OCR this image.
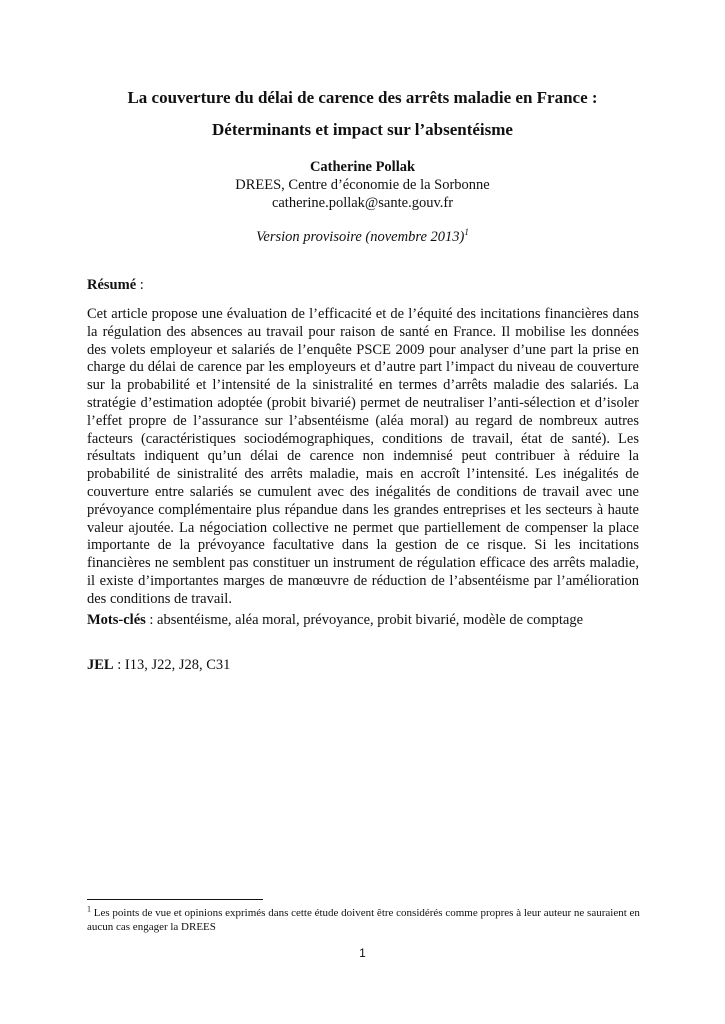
La couverture du délai de carence des arrêts maladie en France :
Déterminants et impact sur l’absentéisme
Catherine Pollak
DREES, Centre d’économie de la Sorbonne
catherine.pollak@sante.gouv.fr
Version provisoire (novembre 2013)$^1$
Résumé :
Cet article propose une évaluation de l’efficacité et de l’équité des incitations financières dans la régulation des absences au travail pour raison de santé en France. Il mobilise les données des volets employeur et salariés de l’enquête PSCE 2009 pour analyser d’une part la prise en charge du délai de carence par les employeurs et d’autre part l’impact du niveau de couverture sur la probabilité et l’intensité de la sinistralité en termes d’arrêts maladie des salariés. La stratégie d’estimation adoptée (probit bivarié) permet de neutraliser l’anti-sélection et d’isoler l’effet propre de l’assurance sur l’absentéisme (aléa moral) au regard de nombreux autres facteurs (caractéristiques sociodémographiques, conditions de travail, état de santé). Les résultats indiquent qu’un délai de carence non indemnisé peut contribuer à réduire la probabilité de sinistralité des arrêts maladie, mais en accroît l’intensité. Les inégalités de couverture entre salariés se cumulent avec des inégalités de conditions de travail avec une prévoyance complémentaire plus répandue dans les grandes entreprises et les secteurs à haute valeur ajoutée. La négociation collective ne permet que partiellement de compenser la place importante de la prévoyance facultative dans la gestion de ce risque. Si les incitations financières ne semblent pas constituer un instrument de régulation efficace des arrêts maladie, il existe d’importantes marges de manœuvre de réduction de l’absentéisme par l’amélioration des conditions de travail.
Mots-clés : absentéisme, aléa moral, prévoyance, probit bivarié, modèle de comptage
JEL : I13, J22, J28, C31
$^1$ Les points de vue et opinions exprimés dans cette étude doivent être considérés comme propres à leur auteur ne sauraient en aucun cas engager la DREES
1
